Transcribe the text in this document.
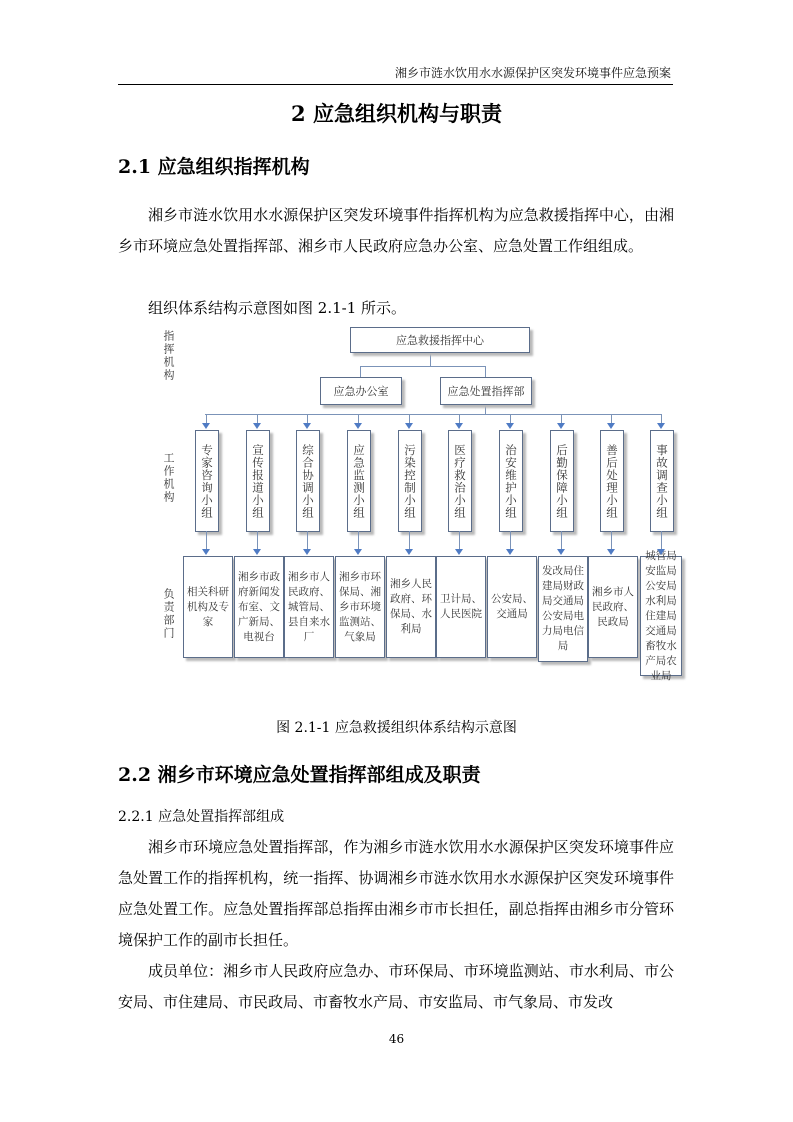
湘乡市涟水饮用水水源保护区突发环境事件应急预案
2 应急组织机构与职责
2.1 应急组织指挥机构
湘乡市涟水饮用水水源保护区突发环境事件指挥机构为应急救援指挥中心，由湘乡市环境应急处置指挥部、湘乡市人民政府应急办公室、应急处置工作组组成。
组织体系结构示意图如图 2.1-1 所示。
指挥机构
工作机构
负责部门
应急救援指挥中心
应急办公室	应急处置指挥部
专家咨询小组	宣传报道小组	综合协调小组	应急监测小组	污染控制小组	医疗救治小组	治安维护小组	后勤保障小组	善后处理小组	事故调查小组
相关科研机构及专家
湘乡市政府新闻发布室、文广新局、电视台
湘乡市人民政府、城管局、县自来水厂
湘乡市环保局、湘乡市环境监测站、气象局
湘乡人民政府、环保局、水利局
卫计局、人民医院
公安局、交通局
发改局住建局财政局交通局公安局电力局电信局
湘乡市人民政府、民政局
城管局安监局公安局水利局住建局交通局畜牧水产局农业局
图 2.1-1 应急救援组织体系结构示意图
2.2 湘乡市环境应急处置指挥部组成及职责
2.2.1 应急处置指挥部组成
湘乡市环境应急处置指挥部，作为湘乡市涟水饮用水水源保护区突发环境事件应急处置工作的指挥机构，统一指挥、协调湘乡市涟水饮用水水源保护区突发环境事件应急处置工作。应急处置指挥部总指挥由湘乡市市长担任，副总指挥由湘乡市分管环境保护工作的副市长担任。
成员单位：湘乡市人民政府应急办、市环保局、市环境监测站、市水利局、市公安局、市住建局、市民政局、市畜牧水产局、市安监局、市气象局、市发改
46
